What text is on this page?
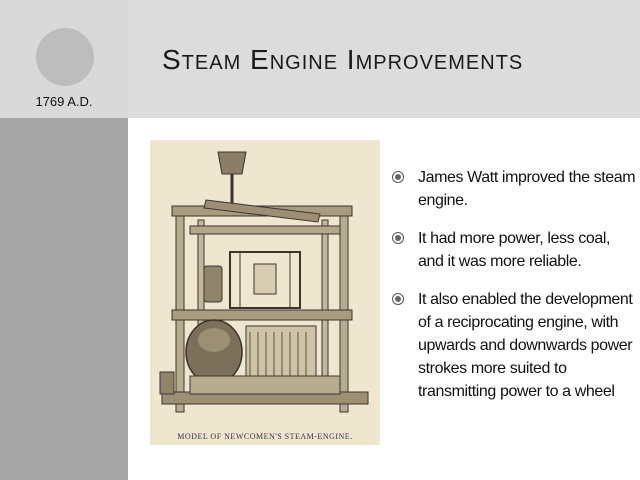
1769 A.D.
Steam Engine Improvements
MODEL OF NEWCOMEN'S STEAM-ENGINE.
James Watt improved the steam engine.
It had more power, less coal, and it was more reliable.
It also enabled the development of a reciprocating engine, with upwards and downwards power strokes more suited to transmitting power to a wheel
